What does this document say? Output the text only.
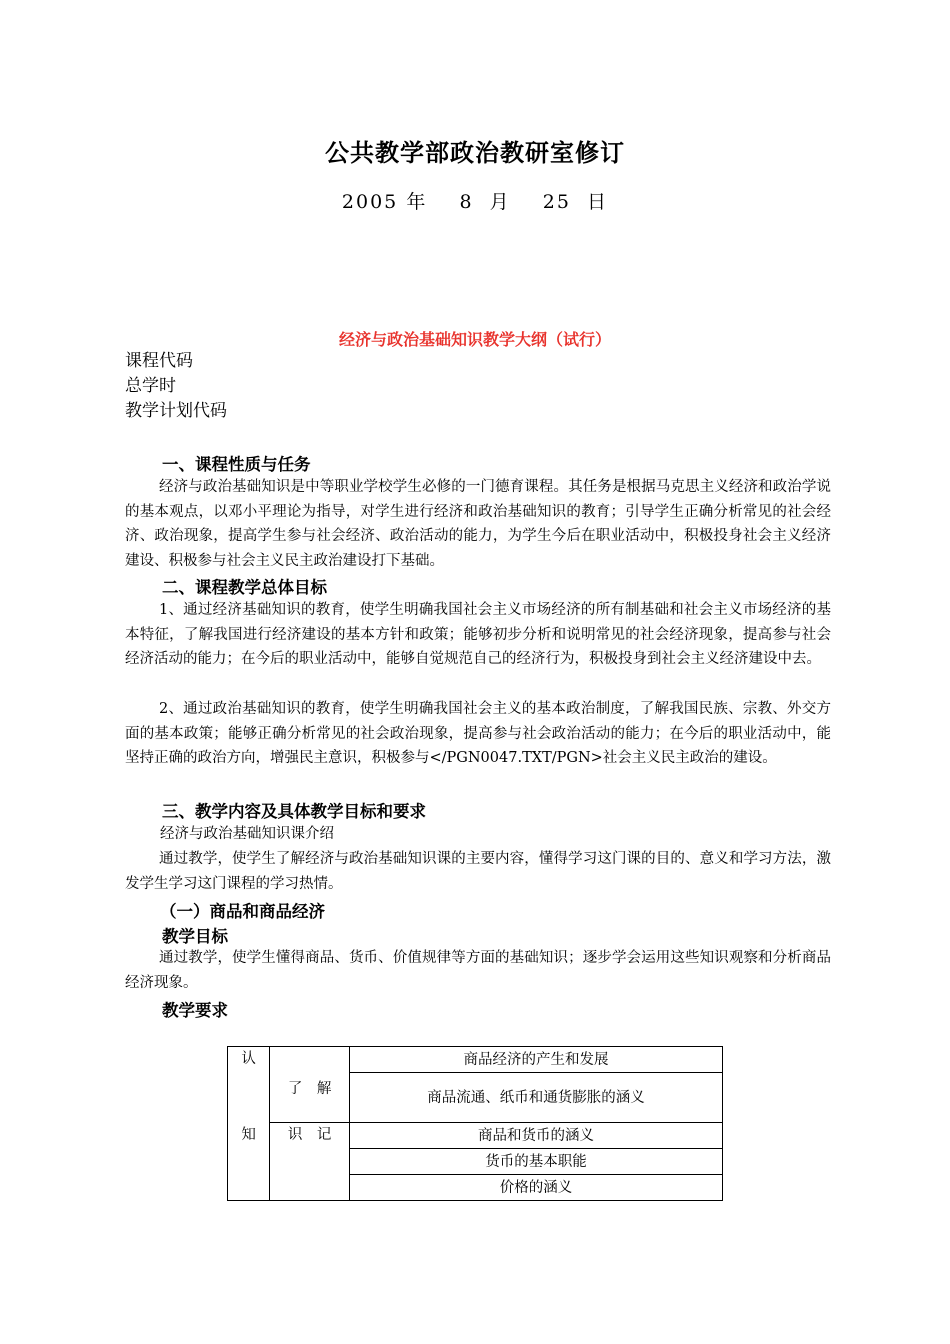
公共教学部政治教研室修订
2005 年    8  月    25  日
经济与政治基础知识教学大纲（试行）
课程代码
总学时
教学计划代码
一、课程性质与任务

经济与政治基础知识是中等职业学校学生必修的一门德育课程。其任务是根据马克思主义经济和政治学说的基本观点，以邓小平理论为指导，对学生进行经济和政治基础知识的教育；引导学生正确分析常见的社会经济、政治现象，提高学生参与社会经济、政治活动的能力，为学生今后在职业活动中，积极投身社会主义经济建设、积极参与社会主义民主政治建设打下基础。

二、课程教学总体目标

1、通过经济基础知识的教育，使学生明确我国社会主义市场经济的所有制基础和社会主义市场经济的基本特征，了解我国进行经济建设的基本方针和政策；能够初步分析和说明常见的社会经济现象，提高参与社会经济活动的能力；在今后的职业活动中，能够自觉规范自己的经济行为，积极投身到社会主义经济建设中去。

2、通过政治基础知识的教育，使学生明确我国社会主义的基本政治制度，了解我国民族、宗教、外交方面的基本政策；能够正确分析常见的社会政治现象，提高参与社会政治活动的能力；在今后的职业活动中，能坚持正确的政治方向，增强民主意识，积极参与</PGN0047.TXT/PGN>社会主义民主政治的建设。

三、教学内容及具体教学目标和要求
经济与政治基础知识课介绍

通过教学，使学生了解经济与政治基础知识课的主要内容，懂得学习这门课的目的、意义和学习方法，激发学生学习这门课程的学习热情。

（一）商品和商品经济
教学目标

通过教学，使学生懂得商品、货币、价值规律等方面的基础知识；逐步学会运用这些知识观察和分析商品经济现象。

教学要求
认	了　解	商品经济的产生和发展
		商品流通、纸币和通货膨胀的涵义
知	识　记	商品和货币的涵义
		货币的基本职能
		价格的涵义
